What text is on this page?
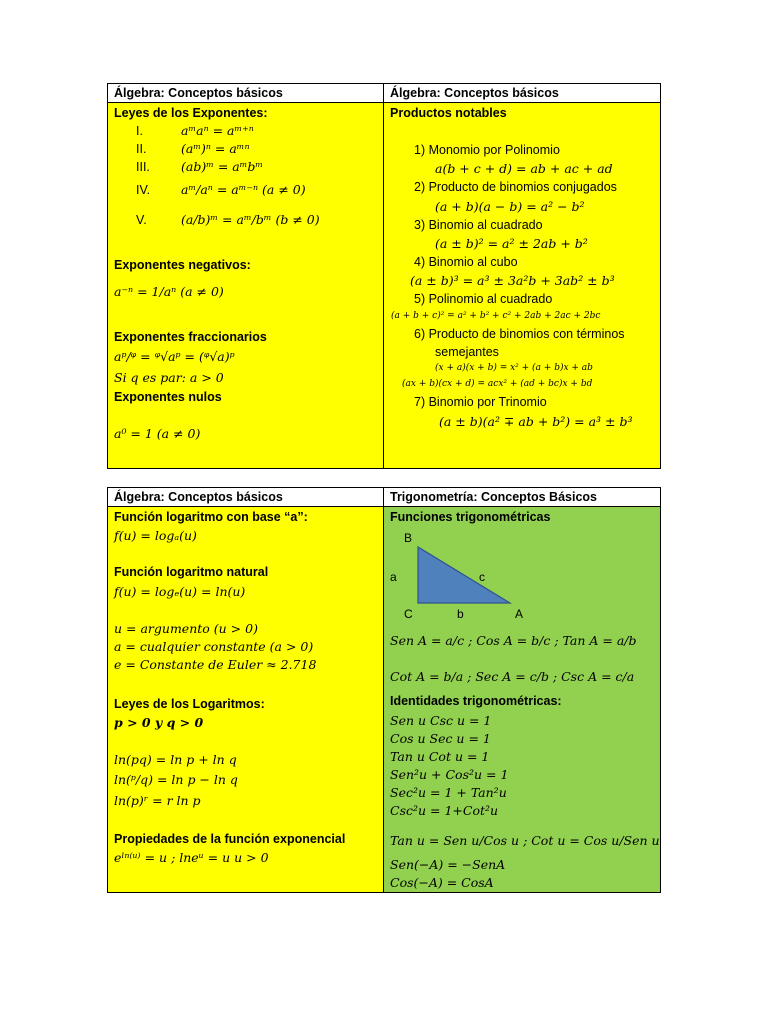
Álgebra: Conceptos básicos	Álgebra: Conceptos básicos
Leyes de los Exponentes:
I.	aᵐaⁿ = aᵐ⁺ⁿ
II.	(aᵐ)ⁿ = aᵐⁿ
III. (ab)ᵐ = aᵐbᵐ
IV. aᵐ/aⁿ = aᵐ⁻ⁿ (a ≠ 0)
V.	(a/b)ᵐ = aᵐ/bᵐ (b ≠ 0)
Exponentes negativos:
a⁻ⁿ = 1/aⁿ (a ≠ 0)
Exponentes fraccionarios
aᵖ/ᵠ = ᵠ√aᵖ = (ᵠ√a)ᵖ
Si q es par: a > 0
Exponentes nulos
a⁰ = 1 (a ≠ 0)
Productos notables
1) Monomio por Polinomio
a(b + c + d) = ab + ac + ad
2) Producto de binomios conjugados
(a + b)(a − b) = a² − b²
3) Binomio al cuadrado
(a ± b)² = a² ± 2ab + b²
4) Binomio al cubo
(a ± b)³ = a³ ± 3a²b + 3ab² ± b³
5) Polinomio al cuadrado
(a + b + c)² = a² + b² + c² + 2ab + 2ac + 2bc
6) Producto de binomios con términos
semejantes
(x + a)(x + b) = x² + (a + b)x + ab
(ax + b)(cx + d) = acx² + (ad + bc)x + bd
7) Binomio por Trinomio
(a ± b)(a² ∓ ab + b²) = a³ ± b³
Álgebra: Conceptos básicos	Trigonometría: Conceptos Básicos
Función logaritmo con base “a”:
f(u) = logₐ(u)
Función logaritmo natural
f(u) = logₑ(u) = ln(u)
u = argumento (u > 0)
a = cualquier constante (a > 0)
e = Constante de Euler ≈ 2.718
Leyes de los Logaritmos:
p > 0 y q > 0
ln(pq) = ln p + ln q
ln(ᵖ/q) = ln p − ln q
ln(p)ʳ = r ln p
Propiedades de la función exponencial
eˡⁿ⁽ᵘ⁾ = u ; lneᵘ = u u > 0
Funciones trigonométricas
B
a	c
C	b	A
Sen A = a/c ; Cos A = b/c ; Tan A = a/b
Cot A = b/a ; Sec A = c/b ; Csc A = c/a
Identidades trigonométricas:
Sen u Csc u = 1
Cos u Sec u = 1
Tan u Cot u = 1
Sen²u + Cos²u = 1
Sec²u = 1 + Tan²u
Csc²u = 1+Cot²u
Tan u = Sen u/Cos u ; Cot u = Cos u/Sen u
Sen(−A) = −SenA
Cos(−A) = CosA
